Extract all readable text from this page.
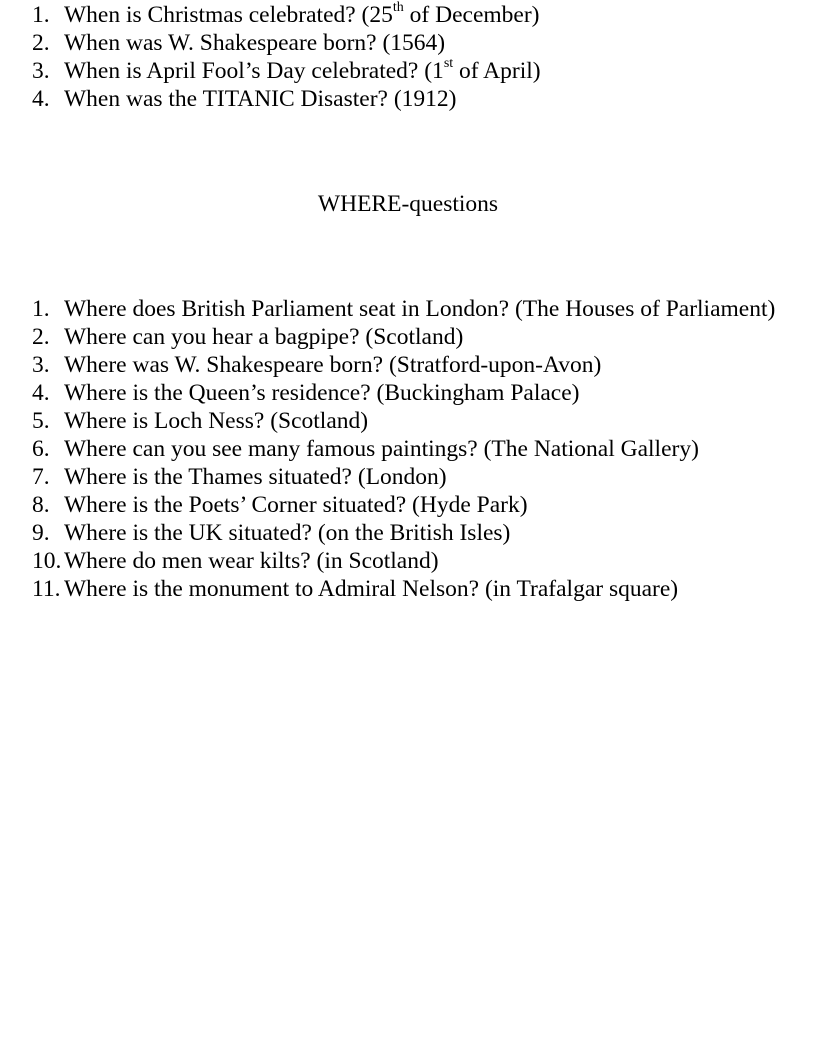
1. When is Christmas celebrated? (25th of December)
2. When was W. Shakespeare born? (1564)
3. When is April Fool’s Day celebrated? (1st of April)
4. When was the TITANIC Disaster? (1912)
WHERE-questions
1. Where does British Parliament seat in London? (The Houses of Parliament)
2. Where can you hear a bagpipe? (Scotland)
3. Where was W. Shakespeare born? (Stratford-upon-Avon)
4. Where is the Queen’s residence? (Buckingham Palace)
5. Where is Loch Ness? (Scotland)
6. Where can you see many famous paintings? (The National Gallery)
7. Where is the Thames situated? (London)
8. Where is the Poets’ Corner situated? (Hyde Park)
9. Where is the UK situated? (on the British Isles)
10. Where do men wear kilts? (in Scotland)
11. Where is the monument to Admiral Nelson? (in Trafalgar square)
